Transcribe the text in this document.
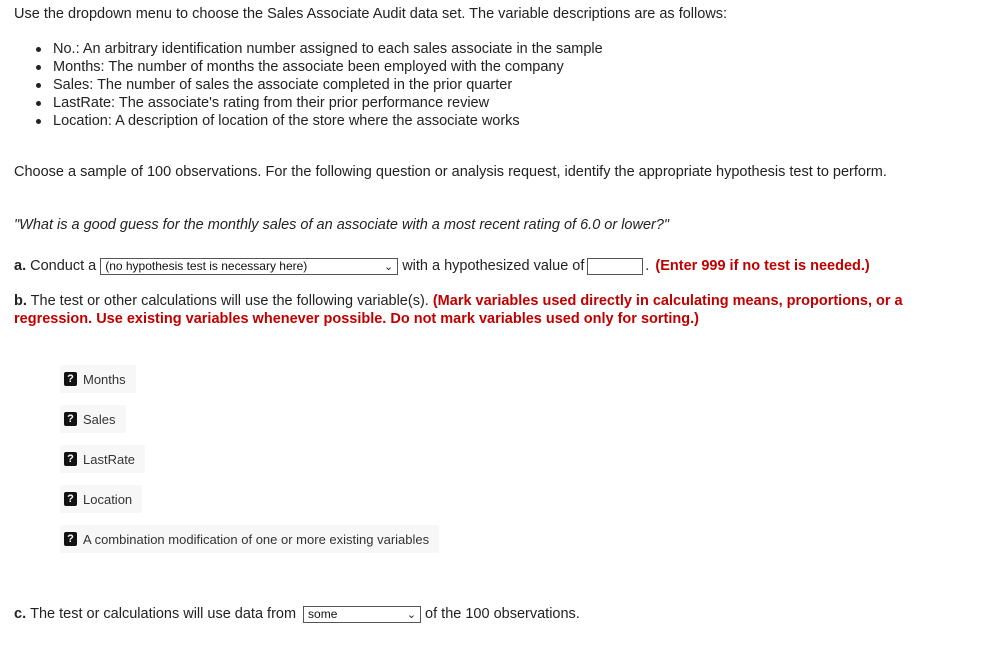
Use the dropdown menu to choose the Sales Associate Audit data set. The variable descriptions are as follows:
No.: An arbitrary identification number assigned to each sales associate in the sample
Months: The number of months the associate been employed with the company
Sales: The number of sales the associate completed in the prior quarter
LastRate: The associate's rating from their prior performance review
Location: A description of location of the store where the associate works
Choose a sample of 100 observations. For the following question or analysis request, identify the appropriate hypothesis test to perform.
"What is a good guess for the monthly sales of an associate with a most recent rating of 6.0 or lower?"
a. Conduct a (no hypothesis test is necessary here)	⌄ with a hypothesized value of	. (Enter 999 if no test is needed.)
b. The test or other calculations will use the following variable(s). (Mark variables used directly in calculating means, proportions, or a regression. Use existing variables whenever possible. Do not mark variables used only for sorting.)
? Months
? Sales
? LastRate
? Location
? A combination modification of one or more existing variables
c. The test or calculations will use data from some	⌄ of the 100 observations.
